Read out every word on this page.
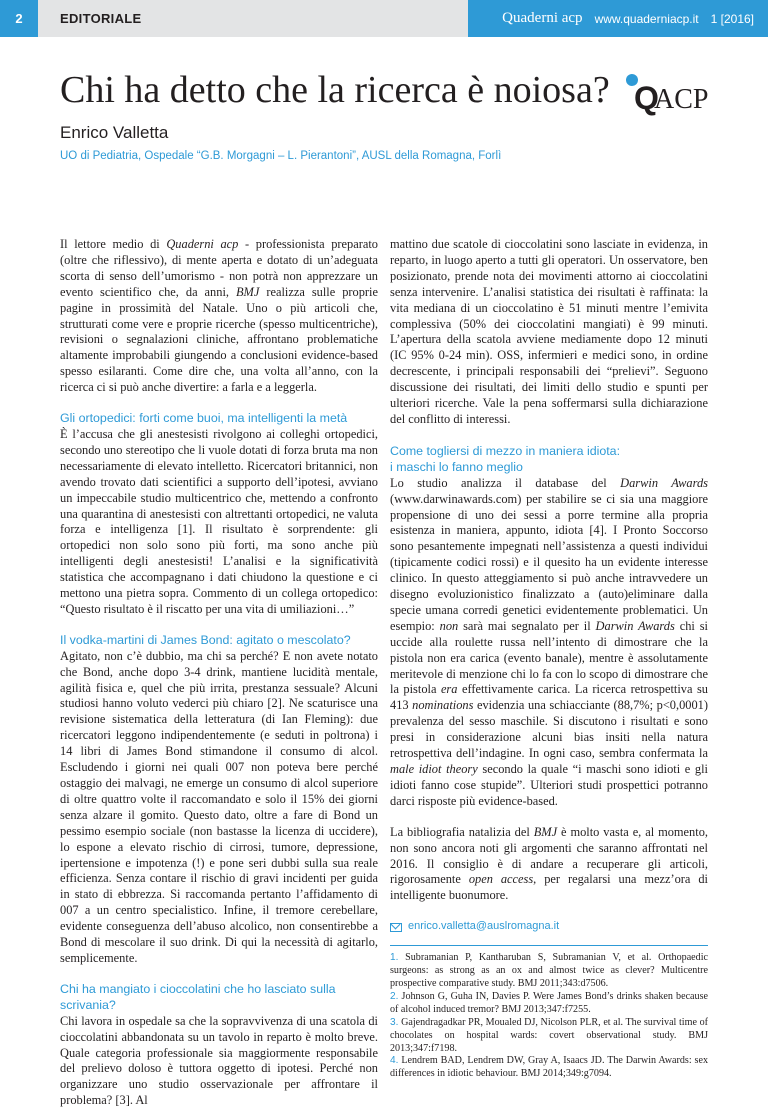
2	EDITORIALE	Quaderni acp www.quaderniacp.it 1 [2016]
Chi ha detto che la ricerca è noiosa? Q
ACP
Enrico Valletta
UO di Pediatria, Ospedale “G.B. Morgagni – L. Pierantoni”, AUSL della Romagna, Forlì

Il lettore medio di Quaderni acp - professionista preparato (oltre che riflessivo), di mente aperta e dotato di un’adeguata scorta di senso dell’umorismo - non potrà non apprezzare un evento scientifico che, da anni, BMJ realizza sulle proprie pagine in prossimità del Natale. Uno o più articoli che, strutturati come vere e proprie ricerche (spesso multicentriche), revisioni o segnalazioni cliniche, affrontano problematiche altamente improbabili giungendo a conclusioni evidence-based spesso esilaranti. Come dire che, una volta all’anno, con la ricerca ci si può anche divertire: a farla e a leggerla.

Gli ortopedici: forti come buoi, ma intelligenti la metà

È l’accusa che gli anestesisti rivolgono ai colleghi ortopedici, secondo uno stereotipo che li vuole dotati di forza bruta ma non necessariamente di elevato intelletto. Ricercatori britannici, non avendo trovato dati scientifici a supporto dell’ipotesi, avviano un impeccabile studio multicentrico che, mettendo a confronto una quarantina di anestesisti con altrettanti ortopedici, ne valuta forza e intelligenza [1]. Il risultato è sorprendente: gli ortopedici non solo sono più forti, ma sono anche più intelligenti degli anestesisti! L’analisi e la significatività statistica che accompagnano i dati chiudono la questione e ci mettono una pietra sopra. Commento di un collega ortopedico: “Questo risultato è il riscatto per una vita di umiliazioni…”

Il vodka-martini di James Bond: agitato o mescolato?

Agitato, non c’è dubbio, ma chi sa perché? E non avete notato che Bond, anche dopo 3-4 drink, mantiene lucidità mentale, agilità fisica e, quel che più irrita, prestanza sessuale? Alcuni studiosi hanno voluto vederci più chiaro [2]. Ne scaturisce una revisione sistematica della letteratura (di Ian Fleming): due ricercatori leggono indipendentemente (e seduti in poltrona) i 14 libri di James Bond stimandone il consumo di alcol. Escludendo i giorni nei quali 007 non poteva bere perché ostaggio dei malvagi, ne emerge un consumo di alcol superiore di oltre quattro volte il raccomandato e solo il 15% dei giorni senza alzare il gomito. Questo dato, oltre a fare di Bond un pessimo esempio sociale (non bastasse la licenza di uccidere), lo espone a elevato rischio di cirrosi, tumore, depressione, ipertensione e impotenza (!) e pone seri dubbi sulla sua reale efficienza. Senza contare il rischio di gravi incidenti per guida in stato di ebbrezza. Si raccomanda pertanto l’affidamento di 007 a un centro specialistico. Infine, il tremore cerebellare, evidente conseguenza dell’abuso alcolico, non consentirebbe a Bond di mescolare il suo drink. Di qui la necessità di agitarlo, semplicemente.

Chi ha mangiato i cioccolatini che ho lasciato sulla scrivania?

Chi lavora in ospedale sa che la sopravvivenza di una scatola di cioccolatini abbandonata su un tavolo in reparto è molto breve. Quale categoria professionale sia maggiormente responsabile del prelievo doloso è tuttora oggetto di ipotesi. Perché non organizzare uno studio osservazionale per affrontare il problema? [3]. Al

mattino due scatole di cioccolatini sono lasciate in evidenza, in reparto, in luogo aperto a tutti gli operatori. Un osservatore, ben posizionato, prende nota dei movimenti attorno ai cioccolatini senza intervenire. L’analisi statistica dei risultati è raffinata: la vita mediana di un cioccolatino è 51 minuti mentre l’emivita complessiva (50% dei cioccolatini mangiati) è 99 minuti. L’apertura della scatola avviene mediamente dopo 12 minuti (IC 95% 0-24 min). OSS, infermieri e medici sono, in ordine decrescente, i principali responsabili dei “prelievi”. Seguono discussione dei risultati, dei limiti dello studio e spunti per ulteriori ricerche. Vale la pena soffermarsi sulla dichiarazione del conflitto di interessi.

Come togliersi di mezzo in maniera idiota:
i maschi lo fanno meglio

Lo studio analizza il database del Darwin Awards (www.darwinawards.com) per stabilire se ci sia una maggiore propensione di uno dei sessi a porre termine alla propria esistenza in maniera, appunto, idiota [4]. I Pronto Soccorso sono pesantemente impegnati nell’assistenza a questi individui (tipicamente codici rossi) e il quesito ha un evidente interesse clinico. In questo atteggiamento si può anche intravvedere un disegno evoluzionistico finalizzato a (auto)eliminare dalla specie umana corredi genetici evidentemente problematici. Un esempio: non sarà mai segnalato per il Darwin Awards chi si uccide alla roulette russa nell’intento di dimostrare che la pistola non era carica (evento banale), mentre è assolutamente meritevole di menzione chi lo fa con lo scopo di dimostrare che la pistola era effettivamente carica. La ricerca retrospettiva su 413 nominations evidenzia una schiacciante (88,7%; p<0,0001) prevalenza del sesso maschile. Si discutono i risultati e sono presi in considerazione alcuni bias insiti nella natura retrospettiva dell’indagine. In ogni caso, sembra confermata la male idiot theory secondo la quale “i maschi sono idioti e gli idioti fanno cose stupide”. Ulteriori studi prospettici potranno darci risposte più evidence-based.

La bibliografia natalizia del BMJ è molto vasta e, al momento, non sono ancora noti gli argomenti che saranno affrontati nel 2016. Il consiglio è di andare a recuperare gli articoli, rigorosamente open access, per regalarsi una mezz’ora di intelligente buonumore.

enrico.valletta@auslromagna.it

1. Subramanian P, Kantharuban S, Subramanian V, et al. Orthopaedic surgeons: as strong as an ox and almost twice as clever? Multicentre prospective comparative study. BMJ 2011;343:d7506.

2. Johnson G, Guha IN, Davies P. Were James Bond’s drinks shaken because of alcohol induced tremor? BMJ 2013;347:f7255.

3. Gajendragadkar PR, Moualed DJ, Nicolson PLR, et al. The survival time of chocolates on hospital wards: covert observational study. BMJ 2013;347:f7198.

4. Lendrem BAD, Lendrem DW, Gray A, Isaacs JD. The Darwin Awards: sex differences in idiotic behaviour. BMJ 2014;349:g7094.
